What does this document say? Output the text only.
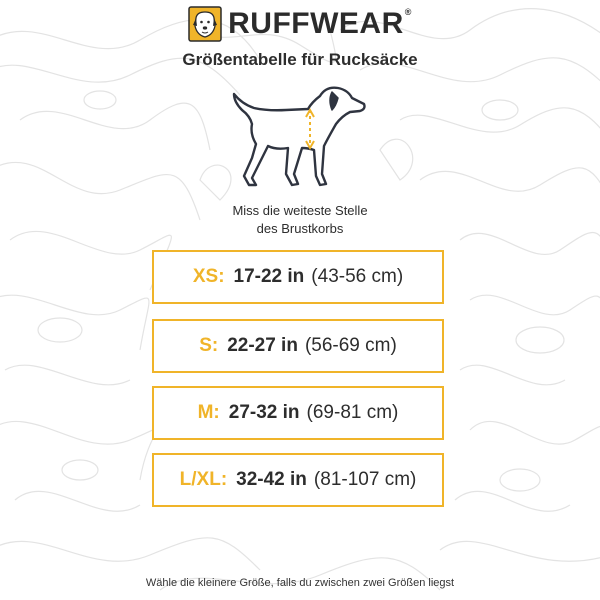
RUFFWEAR®
Größentabelle für Rucksäcke
Miss die weiteste Stelle
des Brustkorbs
XS: 17-22 in (43-56 cm)
S: 22-27 in (56-69 cm)
M: 27-32 in (69-81 cm)
L/XL: 32-42 in (81-107 cm)
Wähle die kleinere Größe, falls du zwischen zwei Größen liegst
